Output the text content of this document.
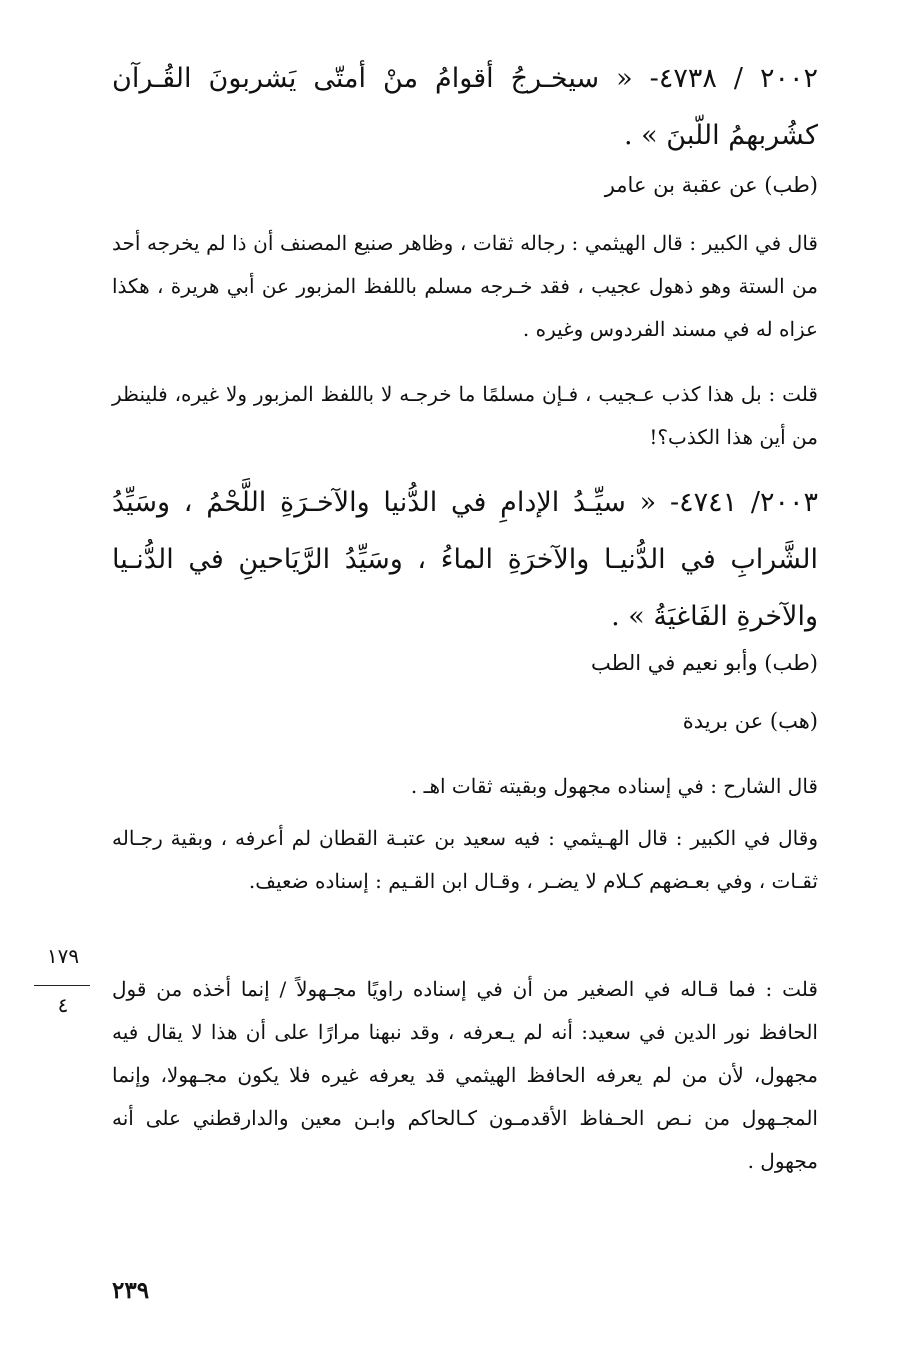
٢٠٠٢ / ٤٧٣٨- « سيخـرجُ أقوامُ منْ أمتّى يَشربونَ القُـرآن كشُربهمُ اللّبنَ » .

(طب) عن عقبة بن عامر

قال في الكبير : قال الهيثمي : رجاله ثقات ، وظاهر صنيع المصنف أن ذا لم يخرجه أحد من الستة وهو ذهول عجيب ، فقد خـرجه مسلم باللفظ المزبور عن أبي هريرة ، هكذا عزاه له في مسند الفردوس وغيره .

قلت : بل هذا كذب عـجيب ، فـإن مسلمًا ما خرجـه لا باللفظ المزبور ولا غيره، فلينظر من أين هذا الكذب؟!

٢٠٠٣/ ٤٧٤١- « سيِّـدُ الإدامِ في الدُّنيا والآخـرَةِ اللَّحْمُ ، وسَيِّدُ الشَّرابِ في الدُّنيـا والآخرَةِ الماءُ ، وسَيِّدُ الرَّيَاحينِ في الدُّنـيا والآخرةِ الفَاغيَةُ » .

(طب) وأبو نعيم في الطب

(هب) عن بريدة

قال الشارح : في إسناده مجهول وبقيته ثقات اهـ .

وقال في الكبير : قال الهـيثمي : فيه سعيد بن عتبـة القطان لم أعرفه ، وبقية رجـاله ثقـات ، وفي بعـضهم كـلام لا يضـر ، وقـال ابن القـيم : إسناده ضعيف.

قلت : فما قـاله في الصغير من أن في إسناده راويًا مجـهولاً / إنما أخذه من قول الحافظ نور الدين في سعيد: أنه لم يـعرفه ، وقد نبهنا مرارًا على أن هذا لا يقال فيه مجهول، لأن من لم يعرفه الحافظ الهيثمي قد يعرفه غيره فلا يكون مجـهولا، وإنما المجـهول من نـص الحـفاظ الأقدمـون كـالحاكم وابـن معين والدارقطني على أنه مجهول .

١٧٩
٤
٢٣٩
